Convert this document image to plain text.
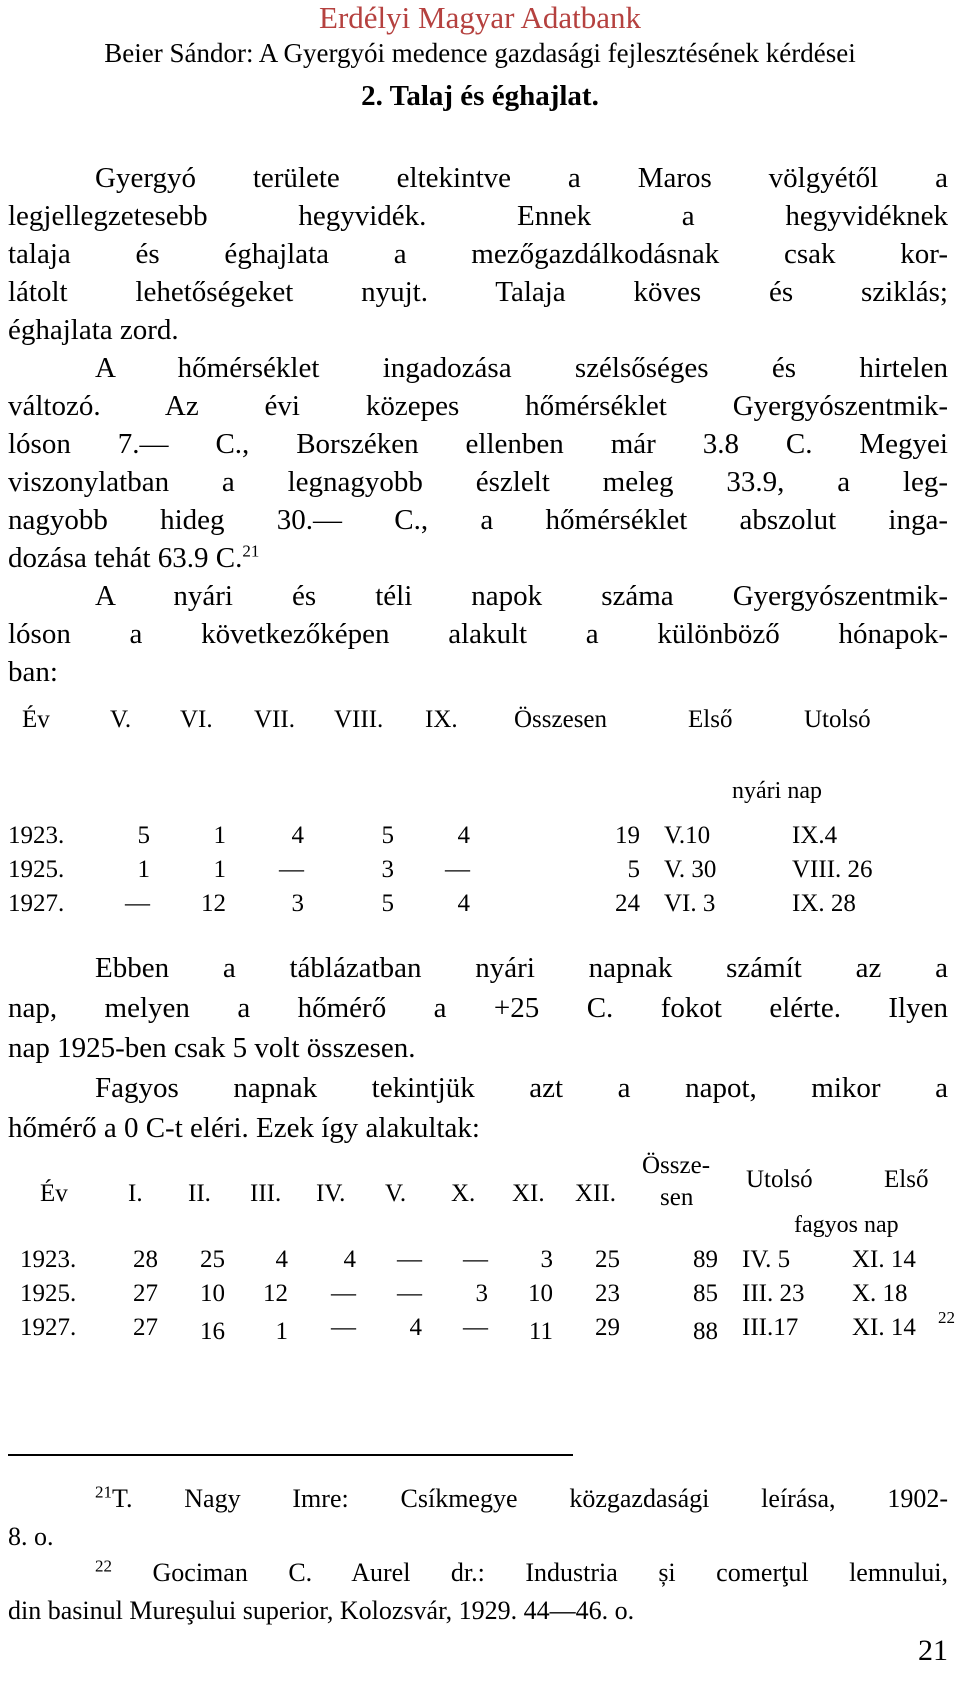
Erdélyi Magyar Adatbank
Beier Sándor: A Gyergyói medence gazdasági fejlesztésének kérdései
2. Talaj és éghajlat.
Gyergyó területe eltekintve a Maros völgyétől a
legjellegzetesebb hegyvidék. Ennek a hegyvidéknek
talaja és éghajlata a mezőgazdálkodásnak csak kor-
látolt lehetőségeket nyujt. Talaja köves és sziklás;
éghajlata zord.
A hőmérséklet ingadozása szélsőséges és hirtelen
változó. Az évi közepes hőmérséklet Gyergyószentmik-
lóson 7.— C., Borszéken ellenben már 3.8 C. Megyei
viszonylatban a legnagyobb észlelt meleg 33.9, a leg-
nagyobb hideg 30.— C., a hőmérséklet abszolut inga-
dozása tehát 63.9 C.$^{21}$
A nyári és téli napok száma Gyergyószentmik-
lóson a következőképen alakult a különböző hónapok-
ban:
Év V. VI. VII. VIII. IX. Összesen	Első	Utolsó
nyári nap
1923.	5	1	4	5	4	19 V.10	IX.4
1925.	1	1	—	3	—	5 V. 30	VIII. 26
1927.	—	12	3	5	4	24 VI. 3	IX. 28
Ebben a táblázatban nyári napnak számít az a
nap, melyen a hőmérő a +25 C. fokot elérte. Ilyen
nap 1925-ben csak 5 volt összesen.
Fagyos napnak tekintjük azt a napot, mikor a
hőmérő a 0 C-t eléri. Ezek így alakultak:
Év I. II. III. IV. V. X. XI. XII.
Össze-
sen
Utolsó	Első
fagyos nap
1923.	28	25	4	4	—	—	3	25	89 IV. 5 XI. 14
1925.	27	10	12	—	—	3	10	23	85 III. 23 X. 18
1927.	27	16	1	—	4	—	11	29	88 III.17 XI. 14 22
$^{21}$T. Nagy Imre: Csíkmegye közgazdasági leírása, 1902-
8. o.
$^{22}$ Gociman C. Aurel dr.: Industria și comerţul lemnului,
din basinul Mureşului superior, Kolozsvár, 1929. 44—46. o.
21
